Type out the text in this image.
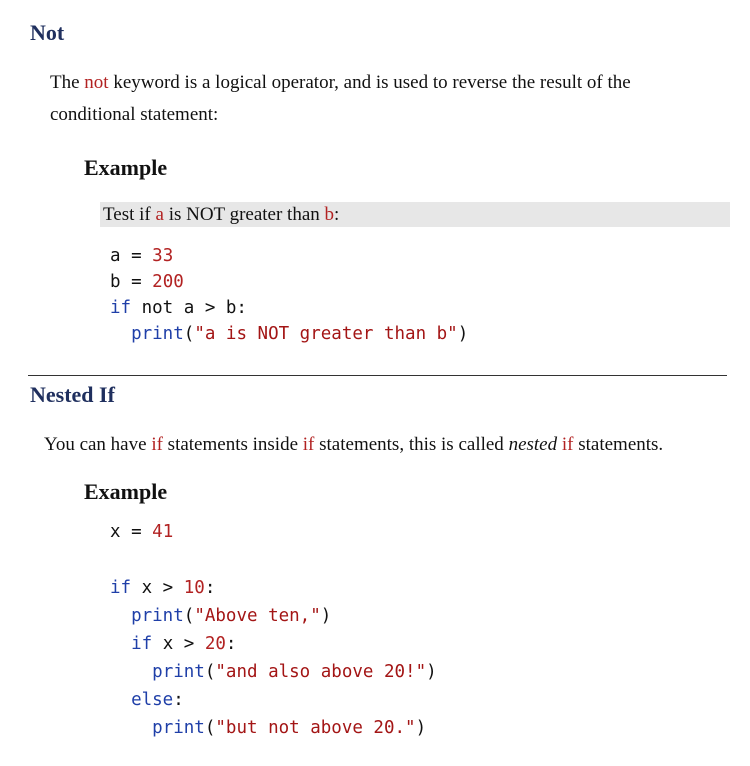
Not
The not keyword is a logical operator, and is used to reverse the result of the
conditional statement:
Example
Test if a is NOT greater than b:
a = 33
b = 200
if not a > b:
print("a is NOT greater than b")
Nested If
You can have if statements inside if statements, this is called nested if statements.
Example
x = 41
if x > 10:
print("Above ten,")
if x > 20:
print("and also above 20!")
else:
print("but not above 20.")
